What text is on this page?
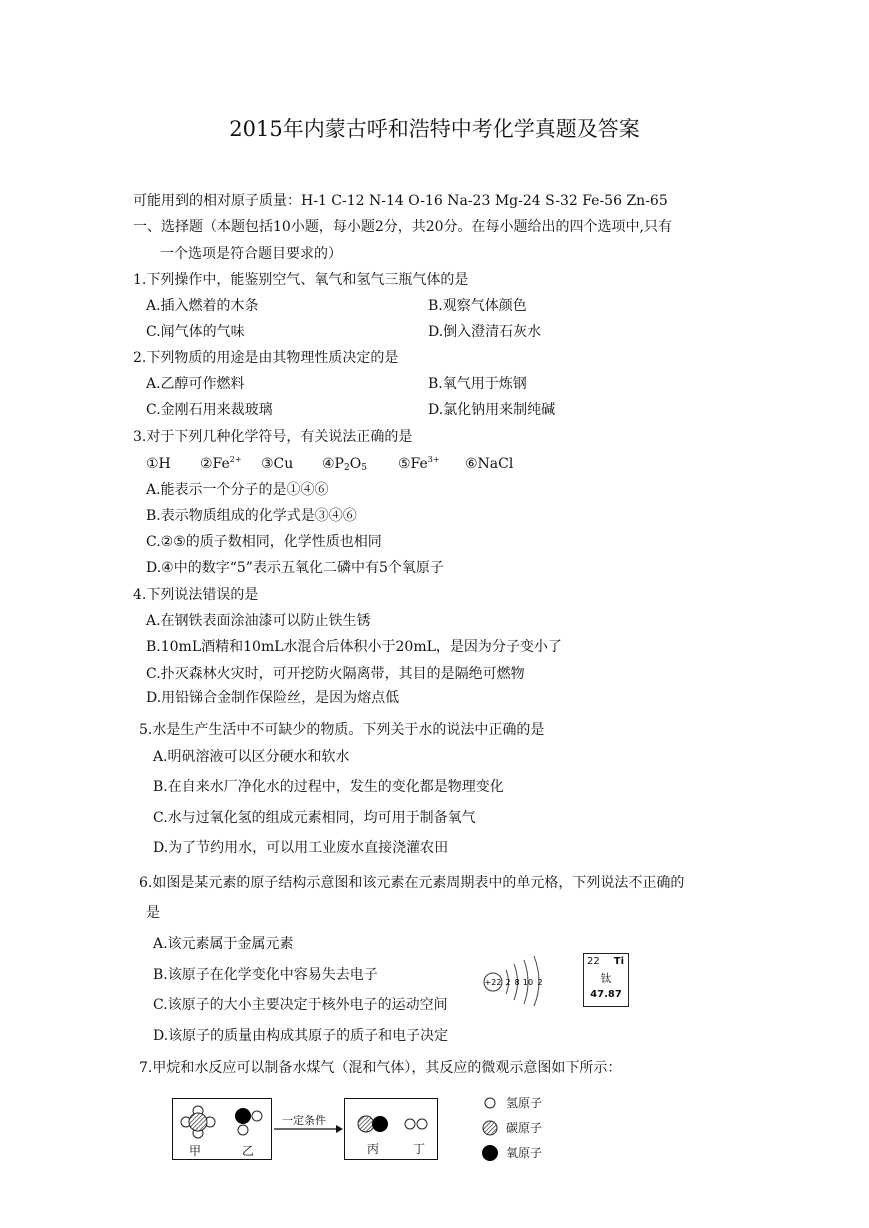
2015年内蒙古呼和浩特中考化学真题及答案
可能用到的相对原子质量：H-1 C-12 N-14 O-16 Na-23 Mg-24 S-32 Fe-56 Zn-65
一、选择题（本题包括10小题，每小题2分，共20分。在每小题给出的四个选项中,只有
一个选项是符合题目要求的）
1.下列操作中，能鉴别空气、氧气和氢气三瓶气体的是
A.插入燃着的木条	B.观察气体颜色
C.闻气体的气味	D.倒入澄清石灰水
2.下列物质的用途是由其物理性质决定的是
A.乙醇可作燃料	B.氧气用于炼钢
C.金刚石用来裁玻璃	D.氯化钠用来制纯碱
3.对于下列几种化学符号，有关说法正确的是
①H $②Fe^{2+}$ ③Cu $④P_2O_5$ $⑤Fe^{3+}$ ⑥NaCl
A.能表示一个分子的是①④⑥
B.表示物质组成的化学式是③④⑥
C.②⑤的质子数相同，化学性质也相同
D.④中的数字“5”表示五氧化二磷中有5个氧原子
4.下列说法错误的是
A.在钢铁表面涂油漆可以防止铁生锈
B.10mL酒精和10mL水混合后体积小于20mL，是因为分子变小了
C.扑灭森林火灾时，可开挖防火隔离带，其目的是隔绝可燃物
D.用铅锑合金制作保险丝，是因为熔点低
5.水是生产生活中不可缺少的物质。下列关于水的说法中正确的是
A.明矾溶液可以区分硬水和软水
B.在自来水厂净化水的过程中，发生的变化都是物理变化
C.水与过氧化氢的组成元素相同，均可用于制备氧气
D.为了节约用水，可以用工业废水直接浇灌农田
6.如图是某元素的原子结构示意图和该元素在元素周期表中的单元格，下列说法不正确的
是
A.该元素属于金属元素
B.该原子在化学变化中容易失去电子
C.该原子的大小主要决定于核外电子的运动空间
D.该原子的质量由构成其原子的质子和电子决定
+22 2 8 10 2
22 Ti
钛
47.87
7.甲烷和水反应可以制备水煤气（混和气体），其反应的微观示意图如下所示：
甲	乙
一定条件
丙	丁
氢原子
碳原子
氧原子
